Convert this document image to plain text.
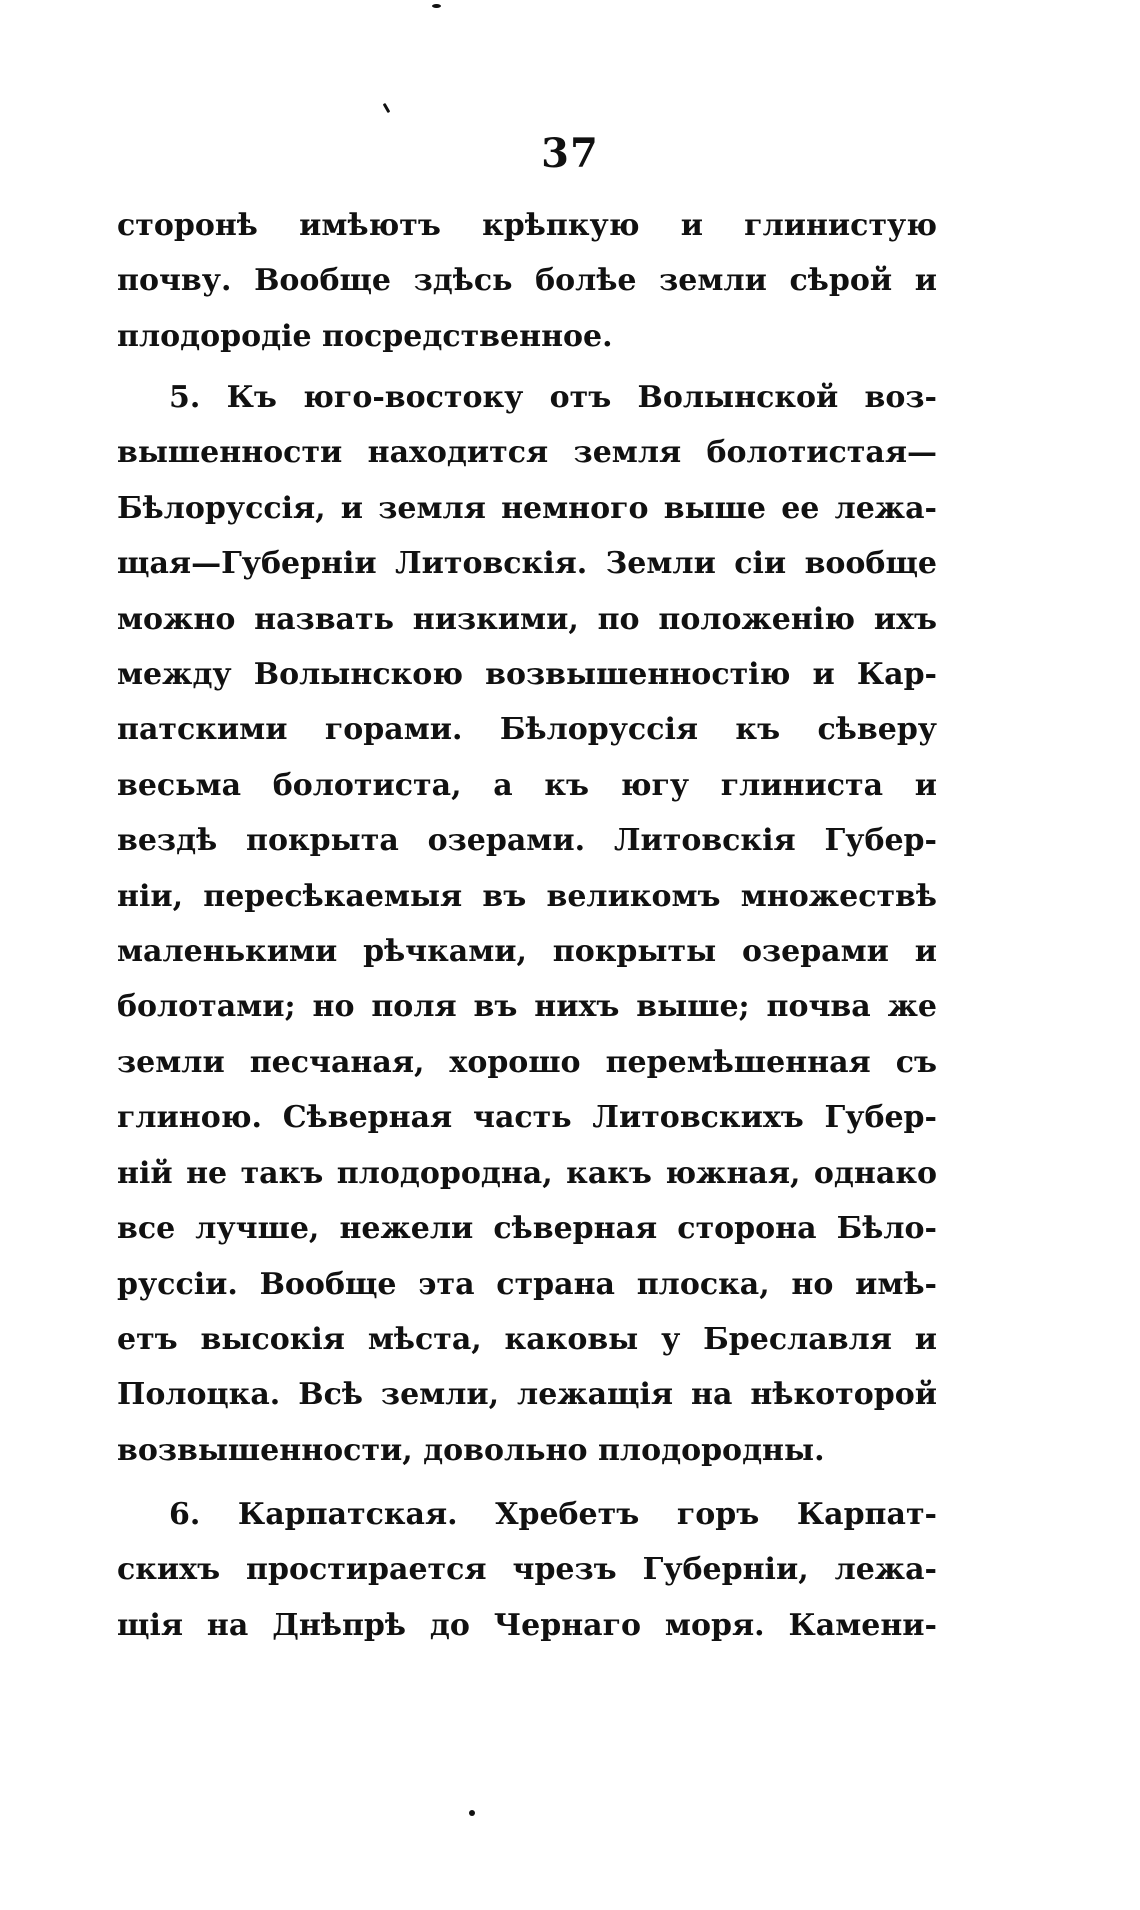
37
стоpонѣ имѣютъ крѣпкую и глинистую
почву. Вообще здѣсь болѣе земли сѣрой и
плодородіе посредственное.
5. Къ юго-востоку отъ Волынской воз-
вышенности находится земля болотистая—
Бѣлоруссія, и земля немного выше ее лежа-
щая—Губерніи Литовскія. Земли сіи вообще
можно назвать низкими, по положенію ихъ
между Волынскою возвышенностію и Кар-
патскими горами. Бѣлоруссія къ сѣверу
весьма болотиста, а къ югу глиниста и
вездѣ покрыта озерами. Литовскія Губер-
ніи, пересѣкаемыя въ великомъ множествѣ
маленькими рѣчками, покрыты озерами и
болотами; но поля въ нихъ выше; почва же
земли песчаная, хорошо перемѣшенная съ
глиною. Сѣверная часть Литовскихъ Губер-
ній не такъ плодородна, какъ южная, однако
все лучше, нежели сѣверная сторона Бѣло-
руссіи. Вообще эта страна плоска, но имѣ-
етъ высокія мѣста, каковы у Бреславля и
Полоцка. Всѣ земли, лежащія на нѣкоторой
возвышенности, довольно плодородны.
6. Карпатская. Хребетъ горъ Карпат-
скихъ простирается чрезъ Губерніи, лежа-
щія на Днѣпрѣ до Чернаго моря. Камени-
